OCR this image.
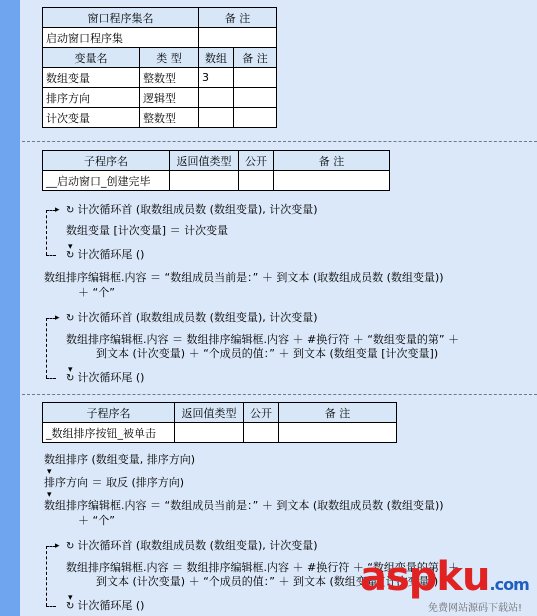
窗口程序集名		备 注	
启动窗口程序集			
变量名	类 型	数组	备 注
数组变量	整数型	3	
排序方向	逻辑型		
计次变量	整数型		
子程序名	返回值类型	公开	备 注
__启动窗口_创建完毕			
▸
▾
↻ 计次循环首 (取数组成员数 (数组变量), 计次变量)
数组变量 [计次变量] ＝ 计次变量
↻ 计次循环尾 ()
数组排序编辑框.内容 ＝ “数组成员当前是：” ＋ 到文本 (取数组成员数 (数组变量))
＋ “个”
▸
▾
↻ 计次循环首 (取数组成员数 (数组变量), 计次变量)
数组排序编辑框.内容 ＝ 数组排序编辑框.内容 ＋ #换行符 ＋ “数组变量的第” ＋
到文本 (计次变量) ＋ “个成员的值：” ＋ 到文本 (数组变量 [计次变量])
↻ 计次循环尾 ()
子程序名	返回值类型	公开	备 注
_数组排序按钮_被单击			
数组排序 (数组变量, 排序方向)
▾
排序方向 ＝ 取反 (排序方向)
▾
数组排序编辑框.内容 ＝ “数组成员当前是：” ＋ 到文本 (取数组成员数 (数组变量))
＋ “个”
▸
▾
↻ 计次循环首 (取数组成员数 (数组变量), 计次变量)
数组排序编辑框.内容 ＝ 数组排序编辑框.内容 ＋ #换行符 ＋ “数组变量的第” ＋
到文本 (计次变量) ＋ “个成员的值：” ＋ 到文本 (数组变量 [计次变量])
↻ 计次循环尾 ()
aspku.com
免费网站源码下载站!
